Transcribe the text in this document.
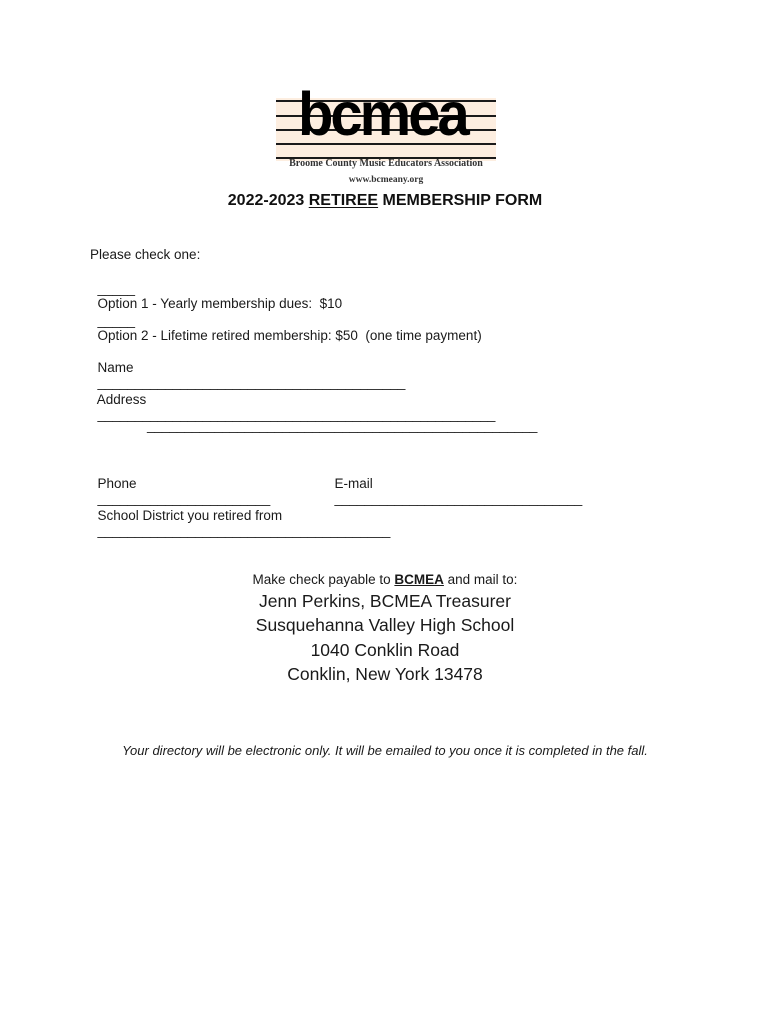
bcmea
Broome County Music Educators Association
www.bcmeany.org
2022-2023 RETIREE MEMBERSHIP FORM
Please check one:

_____
Option 1 - Yearly membership dues:  $10

_____
Option 2 - Lifetime retired membership: $50  (one time payment)

Name
_________________________________________

Address
_____________________________________________________

____________________________________________________

Phone
_______________________

E-mail
_________________________________

School District you retired from
_______________________________________

Make check payable to BCMEA and mail to:
Jenn Perkins, BCMEA Treasurer
Susquehanna Valley High School
1040 Conklin Road
Conklin, New York 13478
Your directory will be electronic only. It will be emailed to you once it is completed in the fall.
